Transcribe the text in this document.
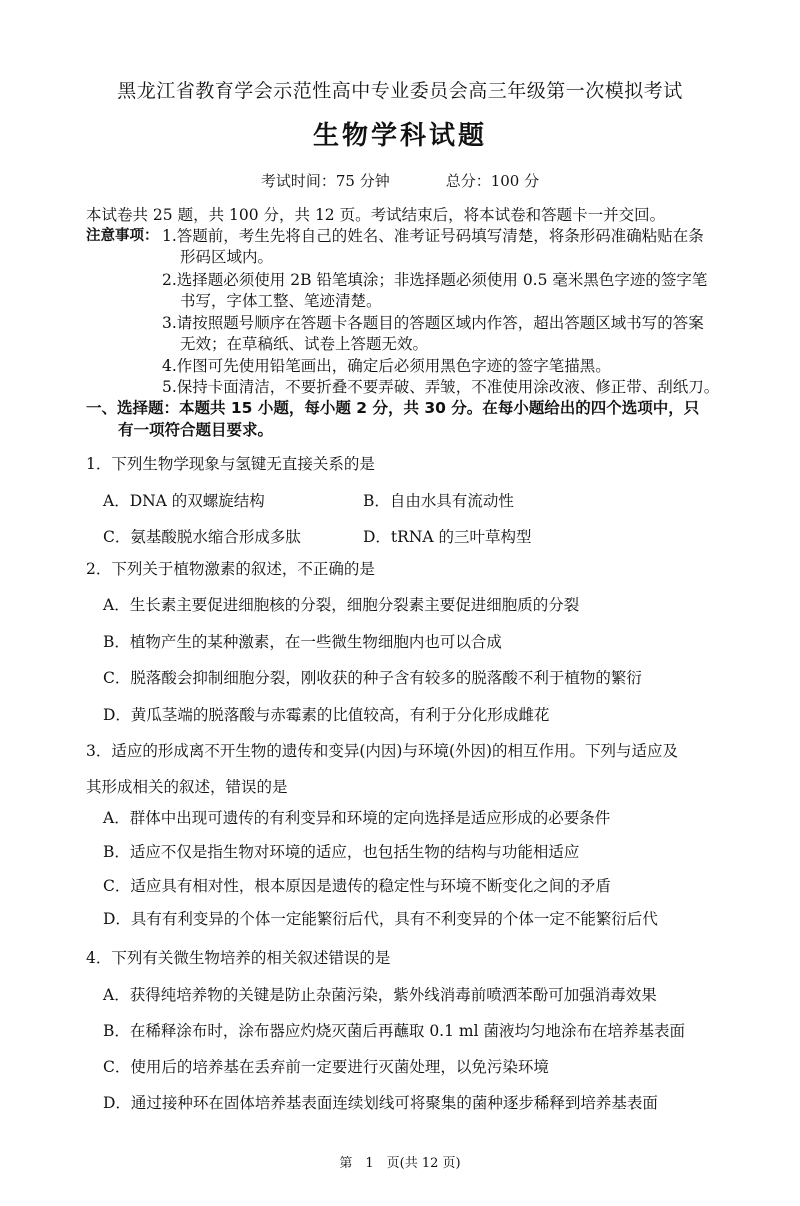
黑龙江省教育学会示范性高中专业委员会高三年级第一次模拟考试
生物学科试题
考试时间：75 分钟	总分：100 分
本试卷共 25 题，共 100 分，共 12 页。考试结束后，将本试卷和答题卡一并交回。
注意事项： 1.答题前，考生先将自己的姓名、准考证号码填写清楚，将条形码准确粘贴在条
形码区域内。
2.选择题必须使用 2B 铅笔填涂；非选择题必须使用 0.5 毫米黑色字迹的签字笔
书写，字体工整、笔迹清楚。
3.请按照题号顺序在答题卡各题目的答题区域内作答，超出答题区域书写的答案
无效；在草稿纸、试卷上答题无效。
4.作图可先使用铅笔画出，确定后必须用黑色字迹的签字笔描黑。
5.保持卡面清洁，不要折叠不要弄破、弄皱，不准使用涂改液、修正带、刮纸刀。
一、选择题：本题共 15 小题，每小题 2 分，共 30 分。在每小题给出的四个选项中，只
有一项符合题目要求。
1．下列生物学现象与氢键无直接关系的是
A．DNA 的双螺旋结构	B．自由水具有流动性
C．氨基酸脱水缩合形成多肽	D．tRNA 的三叶草构型
2．下列关于植物激素的叙述，不正确的是
A．生长素主要促进细胞核的分裂，细胞分裂素主要促进细胞质的分裂
B．植物产生的某种激素，在一些微生物细胞内也可以合成
C．脱落酸会抑制细胞分裂，刚收获的种子含有较多的脱落酸不利于植物的繁衍
D．黄瓜茎端的脱落酸与赤霉素的比值较高，有利于分化形成雌花
3．适应的形成离不开生物的遗传和变异(内因)与环境(外因)的相互作用。下列与适应及
其形成相关的叙述，错误的是
A．群体中出现可遗传的有利变异和环境的定向选择是适应形成的必要条件
B．适应不仅是指生物对环境的适应，也包括生物的结构与功能相适应
C．适应具有相对性，根本原因是遗传的稳定性与环境不断变化之间的矛盾
D．具有有利变异的个体一定能繁衍后代，具有不利变异的个体一定不能繁衍后代
4．下列有关微生物培养的相关叙述错误的是
A．获得纯培养物的关键是防止杂菌污染，紫外线消毒前喷洒苯酚可加强消毒效果
B．在稀释涂布时，涂布器应灼烧灭菌后再蘸取 0.1 ml 菌液均匀地涂布在培养基表面
C．使用后的培养基在丢弃前一定要进行灭菌处理，以免污染环境
D．通过接种环在固体培养基表面连续划线可将聚集的菌种逐步稀释到培养基表面
第　1　页(共 12 页)
